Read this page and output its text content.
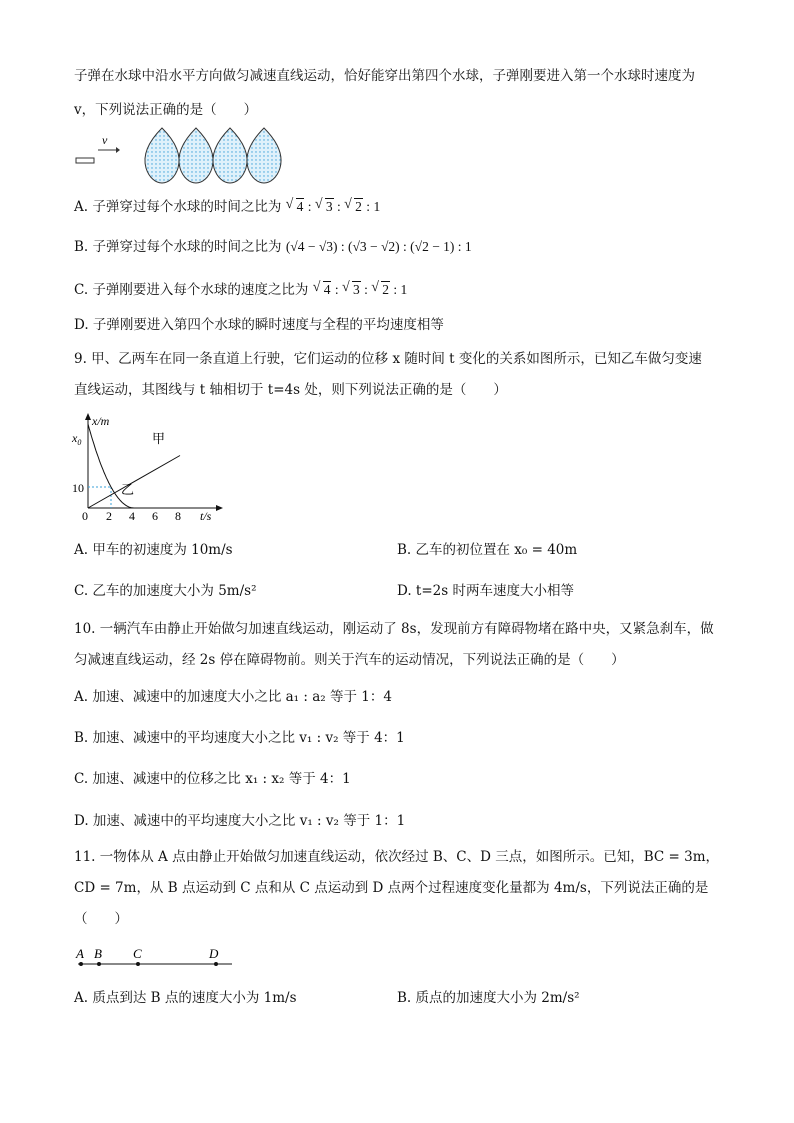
子弹在水球中沿水平方向做匀减速直线运动，恰好能穿出第四个水球，子弹刚要进入第一个水球时速度为
v，下列说法正确的是（　　）
v
A. 子弹穿过每个水球的时间之比为 √ 4 : √ 3 : √ 2 : 1
B. 子弹穿过每个水球的时间之比为 (√4 − √3) : (√3 − √2) : (√2 − 1) : 1
C. 子弹刚要进入每个水球的速度之比为 √ 4 : √ 3 : √ 2 : 1
D. 子弹刚要进入第四个水球的瞬时速度与全程的平均速度相等
9. 甲、乙两车在同一条直道上行驶，它们运动的位移 x 随时间 t 变化的关系如图所示，已知乙车做匀变速
直线运动，其图线与 t 轴相切于 t=4s 处，则下列说法正确的是（　　）
x/m
t/s
$x_0$
10
0 2 4 6 8
甲
乙
A. 甲车的初速度为 10m/s	B. 乙车的初位置在 x₀ = 40m
C. 乙车的加速度大小为 5m/s²	D. t=2s 时两车速度大小相等
10. 一辆汽车由静止开始做匀加速直线运动，刚运动了 8s，发现前方有障碍物堵在路中央，又紧急刹车，做
匀减速直线运动，经 2s 停在障碍物前。则关于汽车的运动情况，下列说法正确的是（　　）
A. 加速、减速中的加速度大小之比 a₁ : a₂ 等于 1：4
B. 加速、减速中的平均速度大小之比 v₁ : v₂ 等于 4：1
C. 加速、减速中的位移之比 x₁ : x₂ 等于 4：1
D. 加速、减速中的平均速度大小之比 v₁ : v₂ 等于 1：1
11. 一物体从 A 点由静止开始做匀加速直线运动，依次经过 B、C、D 三点，如图所示。已知，BC = 3m，
CD = 7m，从 B 点运动到 C 点和从 C 点运动到 D 点两个过程速度变化量都为 4m/s，下列说法正确的是
（　　）
A B C	D
A. 质点到达 B 点的速度大小为 1m/s	B. 质点的加速度大小为 2m/s²
